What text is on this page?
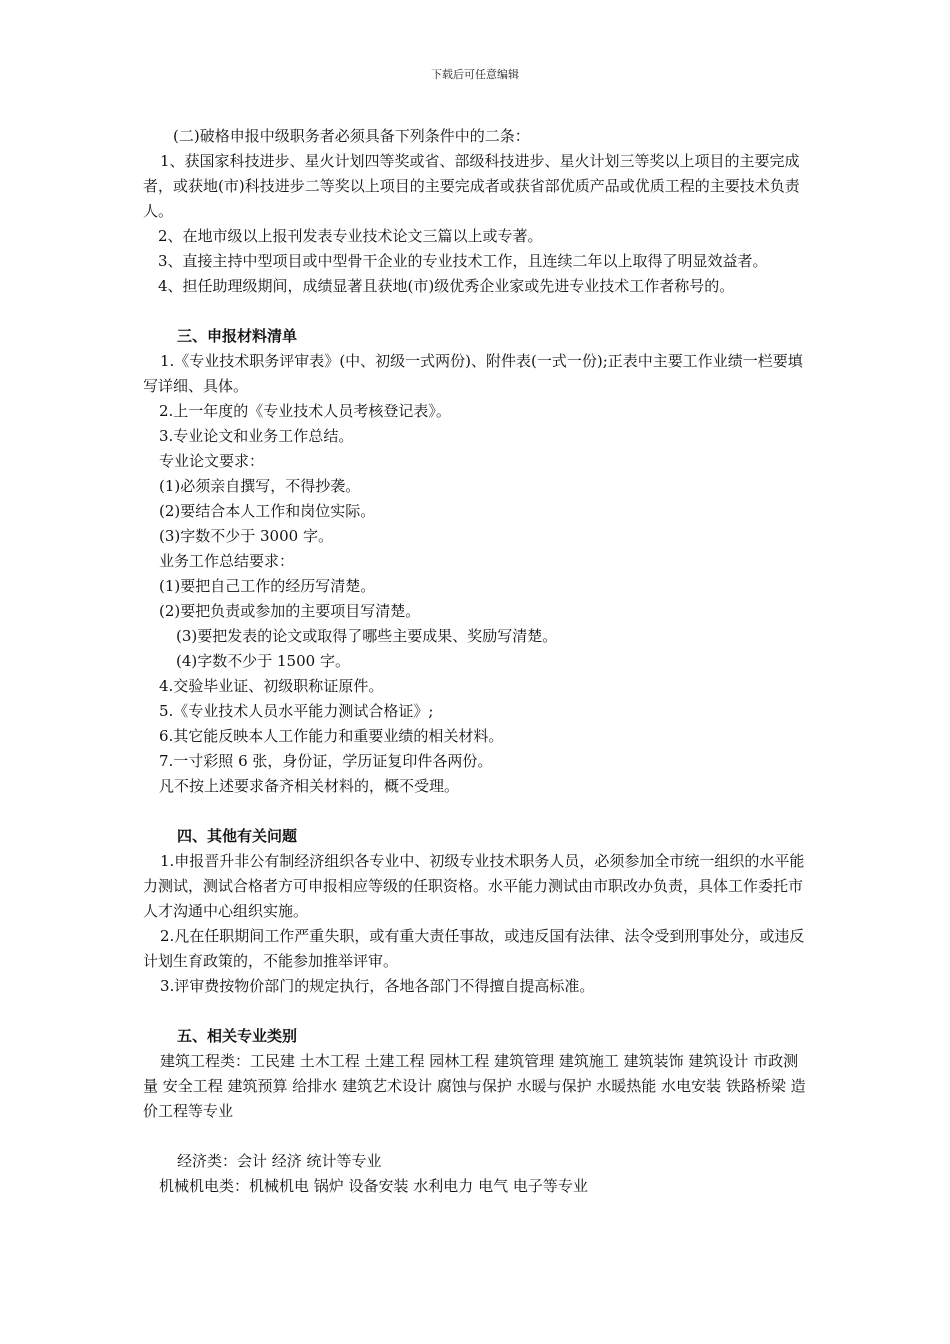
下载后可任意编辑

(二)破格申报中级职务者必须具备下列条件中的二条：

1、获国家科技进步、星火计划四等奖或省、部级科技进步、星火计划三等奖以上项目的主要完成者，或获地(市)科技进步二等奖以上项目的主要完成者或获省部优质产品或优质工程的主要技术负责人。

2、在地市级以上报刊发表专业技术论文三篇以上或专著。

3、直接主持中型项目或中型骨干企业的专业技术工作，且连续二年以上取得了明显效益者。

4、担任助理级期间，成绩显著且获地(市)级优秀企业家或先进专业技术工作者称号的。

三、申报材料清单

1.《专业技术职务评审表》(中、初级一式两份)、附件表(一式一份);正表中主要工作业绩一栏要填写详细、具体。

2.上一年度的《专业技术人员考核登记表》。

3.专业论文和业务工作总结。

专业论文要求：

(1)必须亲自撰写，不得抄袭。

(2)要结合本人工作和岗位实际。

(3)字数不少于 3000 字。

业务工作总结要求：

(1)要把自己工作的经历写清楚。

(2)要把负责或参加的主要项目写清楚。

(3)要把发表的论文或取得了哪些主要成果、奖励写清楚。

(4)字数不少于 1500 字。

4.交验毕业证、初级职称证原件。

5.《专业技术人员水平能力测试合格证》;

6.其它能反映本人工作能力和重要业绩的相关材料。

7.一寸彩照 6 张，身份证，学历证复印件各两份。

凡不按上述要求备齐相关材料的，概不受理。

四、其他有关问题

1.申报晋升非公有制经济组织各专业中、初级专业技术职务人员，必须参加全市统一组织的水平能力测试，测试合格者方可申报相应等级的任职资格。水平能力测试由市职改办负责，具体工作委托市人才沟通中心组织实施。

2.凡在任职期间工作严重失职，或有重大责任事故，或违反国有法律、法令受到刑事处分，或违反计划生育政策的，不能参加推举评审。

3.评审费按物价部门的规定执行，各地各部门不得擅自提高标准。

五、相关专业类别

建筑工程类：工民建 土木工程 土建工程 园林工程 建筑管理 建筑施工 建筑装饰 建筑设计 市政测量 安全工程 建筑预算 给排水 建筑艺术设计 腐蚀与保护 水暖与保护 水暖热能 水电安装 铁路桥梁 造价工程等专业

经济类：会计 经济 统计等专业

机械机电类：机械机电 锅炉 设备安装 水利电力 电气 电子等专业
